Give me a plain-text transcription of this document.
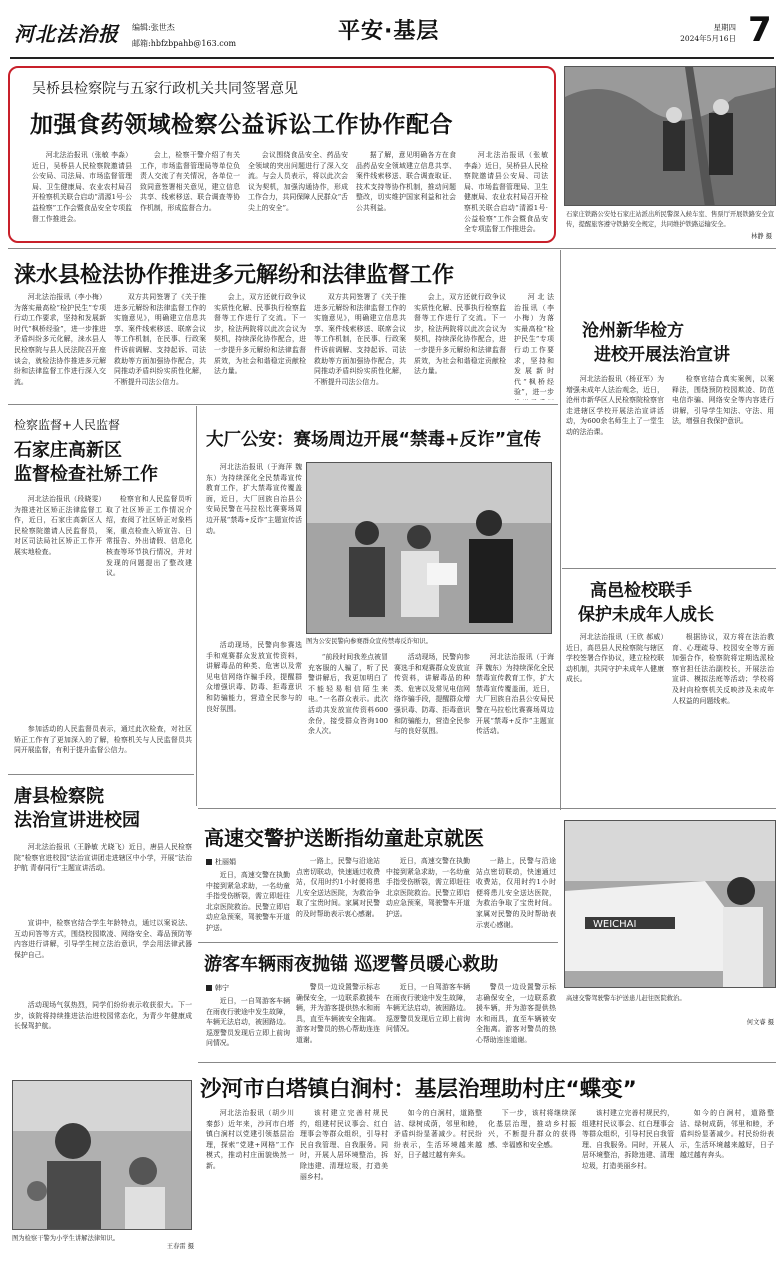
河北法治报 编辑:张世杰
邮箱:hbfzbpahb@163.com	平安·基层	星期四
2024年5月16日 7
吴桥县检察院与五家行政机关共同签署意见
加强食药领域检察公益诉讼工作协作配合
河北法治报讯（张敏 李淼）近日，吴桥县人民检察院邀请县公安局、司法局、市场监督管理局、卫生健康局、农业农村局召开检察机关联合启动“清源1号·公益检察”工作会暨食品安全专项监督工作推进会。
会上，检察干警介绍了有关工作，市场监督管理局等单位负责人交流了有关情况，各单位一致同意签署相关意见，建立信息共享、线索移送、联合调查等协作机制，形成监督合力。
会议围绕食品安全、药品安全领域的突出问题进行了深入交流。与会人员表示，将以此次会议为契机，加强沟通协作，形成工作合力，共同保障人民群众“舌尖上的安全”。
据了解，意见明确各方在食品药品安全领域建立信息共享、案件线索移送、联合调查取证、技术支持等协作机制，推动问题整改，切实维护国家利益和社会公共利益。
河北法治报讯（张敏 李淼）近日，吴桥县人民检察院邀请县公安局、司法局、市场监督管理局、卫生健康局、农业农村局召开检察机关联合启动“清源1号·公益检察”工作会暨食品安全专项监督工作推进会。
石家庄铁路公安处石家庄站派出所民警深入候车室、售票厅开展铁路安全宣传，提醒旅客遵守铁路安全规定，共同维护铁路运输安全。
林静 摄
涞水县检法协作推进多元解纷和法律监督工作
河北法治报讯（李小梅）为落实最高检“检护民生”专项行动工作要求，坚持和发展新时代“枫桥经验”，进一步推进矛盾纠纷多元化解，涞水县人民检察院与县人民法院召开座谈会，就检法协作推进多元解纷和法律监督工作进行深入交流。
双方共同签署了《关于推进多元解纷和法律监督工作的实施意见》，明确建立信息共享、案件线索移送、联席会议等工作机制，在民事、行政案件诉前调解、支持起诉、司法救助等方面加强协作配合，共同推动矛盾纠纷实质性化解，不断提升司法公信力。
会上，双方还就行政争议实质性化解、民事执行检察监督等工作进行了交流。下一步，检法两院将以此次会议为契机，持续深化协作配合，进一步提升多元解纷和法律监督质效，为社会和谐稳定贡献检法力量。
双方共同签署了《关于推进多元解纷和法律监督工作的实施意见》，明确建立信息共享、案件线索移送、联席会议等工作机制，在民事、行政案件诉前调解、支持起诉、司法救助等方面加强协作配合，共同推动矛盾纠纷实质性化解，不断提升司法公信力。
会上，双方还就行政争议实质性化解、民事执行检察监督等工作进行了交流。下一步，检法两院将以此次会议为契机，持续深化协作配合，进一步提升多元解纷和法律监督质效，为社会和谐稳定贡献检法力量。
河北法治报讯（李小梅）为落实最高检“检护民生”专项行动工作要求，坚持和发展新时代“枫桥经验”，进一步
沧州新华检方
进校开展法治宣讲
河北法治报讯（杨亚军）为增强未成年人法治观念，近日，沧州市新华区人民检察院检察官走进辖区学校开展法治宣讲活动，为600余名师生上了一堂生动的法治课。
检察官结合真实案例，以案释法，围绕预防校园欺凌、防范电信诈骗、网络安全等内容进行讲解，引导学生知法、守法、用法，增强自我保护意识。
检察监督+人民监督
石家庄高新区
监督检查社矫工作
河北法治报讯（段晓雯）为推进社区矫正法律监督工作，近日，石家庄高新区人民检察院邀请人民监督员，对区司法局社区矫正工作开展实地检查。
检察官和人民监督员听取了社区矫正工作情况介绍，查阅了社区矫正对象档案，重点检查入矫宣告、日常报告、外出请假、信息化核查等环节执行情况，并对发现的问题提出了整改建议。
参加活动的人民监督员表示，通过此次检查，对社区矫正工作有了更加深入的了解，检察机关与人民监督员共同开展监督，有利于提升监督公信力。
大厂公安：赛场周边开展“禁毒+反诈”宣传
河北法治报讯（于海萍 魏东）为持续深化全民禁毒宣传教育工作，扩大禁毒宣传覆盖面，近日，大厂回族自治县公安局民警在马拉松比赛赛场周边开展“禁毒+反诈”主题宣传活动。
图为公安民警向参赛群众宣传禁毒反诈知识。
活动现场，民警向参赛选手和观赛群众发放宣传资料，讲解毒品的种类、危害以及常见电信网络诈骗手段，提醒群众增强识毒、防毒、拒毒意识和防骗能力，营造全民参与的良好氛围。
“前段时间我差点被冒充客服的人骗了，听了民警讲解后，我更加明白了不能轻易相信陌生来电。”一名群众表示。此次活动共发放宣传资料600余份，接受群众咨询100余人次。
活动现场，民警向参赛选手和观赛群众发放宣传资料，讲解毒品的种类、危害以及常见电信网络诈骗手段，提醒群众增强识毒、防毒、拒毒意识和防骗能力，营造全民参与的良好氛围。
河北法治报讯（于海萍 魏东）为持续深化全民禁毒宣传教育工作，扩大禁毒宣传覆盖面，近日，大厂回族自治县公安局民警在马拉松比赛赛场周边开展“禁毒+反诈”主题宣传活动。
高邑检校联手
保护未成年人成长
河北法治报讯（王欣 郝威）近日，高邑县人民检察院与辖区学校签署合作协议，建立检校联动机制，共同守护未成年人健康成长。
根据协议，双方将在法治教育、心理疏导、校园安全等方面加强合作，检察院将定期选派检察官担任法治副校长，开展法治宣讲、模拟法庭等活动；学校将及时向检察机关反映涉及未成年人权益的问题线索。
唐县检察院
法治宣讲进校园
河北法治报讯（王静敏 尤晓飞）近日，唐县人民检察院“检察官进校园”法治宣讲团走进辖区中小学，开展“法治护航 青春同行”主题宣讲活动。
宣讲中，检察官结合学生年龄特点，通过以案说法、互动问答等方式，围绕校园欺凌、网络安全、毒品预防等内容进行讲解，引导学生树立法治意识，学会用法律武器保护自己。
活动现场气氛热烈，同学们纷纷表示收获很大。下一步，该院将持续推进法治进校园常态化，为青少年健康成长保驾护航。
图为检察干警为小学生讲解法律知识。
王春雷 摄
高速交警护送断指幼童赴京就医
杜丽娟
近日，高速交警在执勤中接到紧急求助，一名幼童手指受伤断裂，需立即赶往北京医院救治。民警立即启动应急预案，驾驶警车开道护送。
一路上，民警与沿途站点密切联动，快速通过收费站，仅用时约1小时便将患儿安全送达医院，为救治争取了宝贵时间。家属对民警的及时帮助表示衷心感谢。
近日，高速交警在执勤中接到紧急求助，一名幼童手指受伤断裂，需立即赶往北京医院救治。民警立即启动应急预案，驾驶警车开道护送。
一路上，民警与沿途站点密切联动，快速通过收费站，仅用时约1小时便将患儿安全送达医院，为救治争取了宝贵时间。家属对民警的及时帮助表示衷心感谢。	WEICHAI
高速交警驾驶警车护送患儿赶往医院救治。
何文睿 摄
游客车辆雨夜抛锚 巡逻警员暖心救助
韩宁
近日，一自驾游客车辆在雨夜行驶途中发生故障，车辆无法启动，被困路边。巡逻警员发现后立即上前询问情况。
警员一边设置警示标志确保安全，一边联系救援车辆，并为游客提供热水和雨具，直至车辆被安全拖离。游客对警员的热心帮助连连道谢。
近日，一自驾游客车辆在雨夜行驶途中发生故障，车辆无法启动，被困路边。巡逻警员发现后立即上前询问情况。
警员一边设置警示标志确保安全，一边联系救援车辆，并为游客提供热水和雨具，直至车辆被安全拖离。游客对警员的热心帮助连连道谢。
沙河市白塔镇白涧村：基层治理助村庄“蝶变”
河北法治报讯（胡少川 秦彭）近年来，沙河市白塔镇白涧村以党建引领基层治理，探索“党建+网格”工作模式，推动村庄面貌焕然一新。
该村建立完善村规民约，组建村民议事会、红白理事会等群众组织，引导村民自我管理、自我服务。同时，开展人居环境整治，拆除违建、清理垃圾，打造美丽乡村。
如今的白涧村，道路整洁、绿树成荫，邻里和睦，矛盾纠纷显著减少。村民纷纷表示，生活环境越来越好，日子越过越有奔头。
下一步，该村将继续深化基层治理，推动乡村振兴，不断提升群众的获得感、幸福感和安全感。
该村建立完善村规民约，组建村民议事会、红白理事会等群众组织，引导村民自我管理、自我服务。同时，开展人居环境整治，拆除违建、清理垃圾，打造美丽乡村。
如今的白涧村，道路整洁、绿树成荫，邻里和睦，矛盾纠纷显著减少。村民纷纷表示，生活环境越来越好，日子越过越有奔头。
